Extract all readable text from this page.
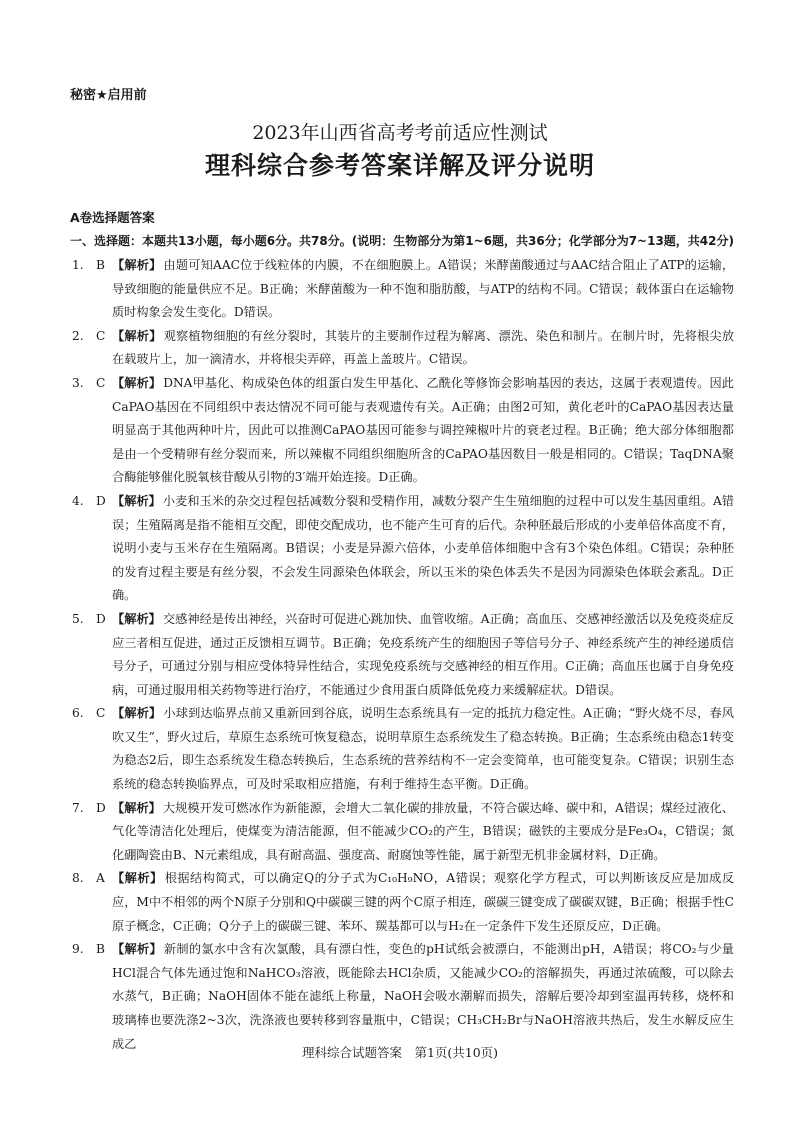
秘密★启用前
2023年山西省高考考前适应性测试
理科综合参考答案详解及评分说明
A卷选择题答案
一、选择题：本题共13小题，每小题6分。共78分。(说明：生物部分为第1~6题，共36分；化学部分为7~13题，共42分)
1.	B 【解析】 由题可知AAC位于线粒体的内膜，不在细胞膜上。A错误；米酵菌酸通过与AAC结合阻止了ATP的运输，导致细胞的能量供应不足。B正确；米酵菌酸为一种不饱和脂肪酸，与ATP的结构不同。C错误；载体蛋白在运输物质时构象会发生变化。D错误。
2.	C 【解析】 观察植物细胞的有丝分裂时，其装片的主要制作过程为解离、漂洗、染色和制片。在制片时，先将根尖放在载玻片上，加一滴清水，并将根尖弄碎，再盖上盖玻片。C错误。
3.	C 【解析】 DNA甲基化、构成染色体的组蛋白发生甲基化、乙酰化等修饰会影响基因的表达，这属于表观遗传。因此CaPAO基因在不同组织中表达情况不同可能与表观遗传有关。A正确；由图2可知，黄化老叶的CaPAO基因表达量明显高于其他两种叶片，因此可以推测CaPAO基因可能参与调控辣椒叶片的衰老过程。B正确；绝大部分体细胞都是由一个受精卵有丝分裂而来，所以辣椒不同组织细胞所含的CaPAO基因数目一般是相同的。C错误；TaqDNA聚合酶能够催化脱氧核苷酸从引物的3′端开始连接。D正确。
4.	D 【解析】 小麦和玉米的杂交过程包括减数分裂和受精作用，减数分裂产生生殖细胞的过程中可以发生基因重组。A错误；生殖隔离是指不能相互交配，即使交配成功，也不能产生可育的后代。杂种胚最后形成的小麦单倍体高度不育，说明小麦与玉米存在生殖隔离。B错误；小麦是异源六倍体，小麦单倍体细胞中含有3个染色体组。C错误；杂种胚的发育过程主要是有丝分裂，不会发生同源染色体联会，所以玉米的染色体丢失不是因为同源染色体联会紊乱。D正确。
5.	D 【解析】 交感神经是传出神经，兴奋时可促进心跳加快、血管收缩。A正确；高血压、交感神经激活以及免疫炎症反应三者相互促进，通过正反馈相互调节。B正确；免疫系统产生的细胞因子等信号分子、神经系统产生的神经递质信号分子，可通过分别与相应受体特异性结合，实现免疫系统与交感神经的相互作用。C正确；高血压也属于自身免疫病，可通过服用相关药物等进行治疗，不能通过少食用蛋白质降低免疫力来缓解症状。D错误。
6.	C 【解析】 小球到达临界点前又重新回到谷底，说明生态系统具有一定的抵抗力稳定性。A正确；“野火烧不尽，春风吹又生”，野火过后，草原生态系统可恢复稳态，说明草原生态系统发生了稳态转换。B正确；生态系统由稳态1转变为稳态2后，即生态系统发生稳态转换后，生态系统的营养结构不一定会变简单，也可能变复杂。C错误；识别生态系统的稳态转换临界点，可及时采取相应措施，有利于维持生态平衡。D正确。
7.	D 【解析】 大规模开发可燃冰作为新能源，会增大二氧化碳的排放量，不符合碳达峰、碳中和，A错误；煤经过液化、气化等清洁化处理后，使煤变为清洁能源，但不能减少CO₂的产生，B错误；磁铁的主要成分是Fe₃O₄，C错误；氮化硼陶瓷由B、N元素组成，具有耐高温、强度高、耐腐蚀等性能，属于新型无机非金属材料，D正确。
8.	A 【解析】 根据结构简式，可以确定Q的分子式为C₁₀H₉NO，A错误；观察化学方程式，可以判断该反应是加成反应，M中不相邻的两个N原子分别和Q中碳碳三键的两个C原子相连，碳碳三键变成了碳碳双键，B正确；根据手性C原子概念，C正确；Q分子上的碳碳三键、苯环、羰基都可以与H₂在一定条件下发生还原反应，D正确。
9.	B 【解析】 新制的氯水中含有次氯酸，具有漂白性，变色的pH试纸会被漂白，不能测出pH，A错误；将CO₂与少量HCl混合气体先通过饱和NaHCO₃溶液，既能除去HCl杂质，又能减少CO₂的溶解损失，再通过浓硫酸，可以除去水蒸气，B正确；NaOH固体不能在滤纸上称量，NaOH会吸水潮解而损失，溶解后要冷却到室温再转移，烧杯和玻璃棒也要洗涤2~3次，洗涤液也要转移到容量瓶中，C错误；CH₃CH₂Br与NaOH溶液共热后，发生水解反应生成乙
理科综合试题答案　第1页(共10页)
